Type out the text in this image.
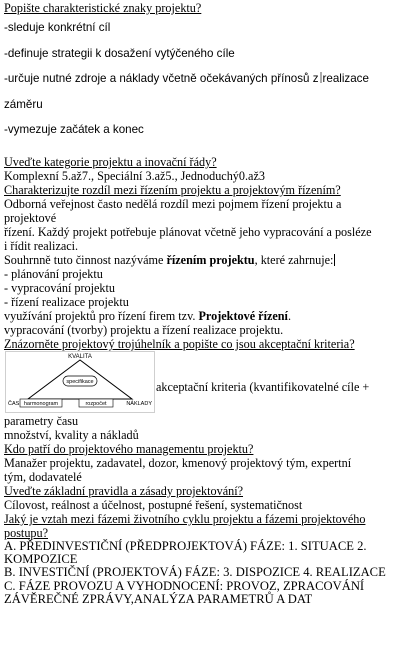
Popište charakteristické znaky projektu?
-sleduje konkrétní cíl
-definuje strategii k dosažení vytýčeného cíle
-určuje nutné zdroje a náklady včetně očekávaných přínosů z realizace
záměru
-vymezuje začátek a konec
Uveďte kategorie projektu a inovační řády?
Komplexní 5.až7., Speciální 3.až5., Jednoduchý0.až3
Charakterizujte rozdíl mezi řízením projektu a projektovým řízením?
Odborná veřejnost často nedělá rozdíl mezi pojmem řízení projektu a
projektové
řízení. Každý projekt potřebuje plánovat včetně jeho vypracování a posléze
i řídit realizaci.
Souhrnně tuto činnost nazýváme řízením projektu, které zahrnuje:
- plánování projektu
- vypracování projektu
- řízení realizace projektu
využívání projektů pro řízení firem tzv. Projektové řízení.
vypracování (tvorby) projektu a řízení realizace projektu.
Znázorněte projektový trojúhelník a popište co jsou akceptační kriteria?
KVALITA
specifikace
ČAS harmonogram	rozpočet	NÁKLADY
akceptační kriteria (kvantifikovatelné cíle +
parametry času
množství, kvality a nákladů
Kdo patří do projektového managementu projektu?
Manažer projektu, zadavatel, dozor, kmenový projektový tým, expertní
tým, dodavatelé
Uveďte základní pravidla a zásady projektování?
Cílovost, reálnost a účelnost, postupné řešení, systematičnost
Jaký je vztah mezi fázemi životního cyklu projektu a fázemi projektového
postupu?
A. PŘEDINVESTIČNÍ (PŘEDPROJEKTOVÁ) FÁZE: 1. SITUACE 2.
KOMPOZICE
B. INVESTIČNÍ (PROJEKTOVÁ) FÁZE: 3. DISPOZICE 4. REALIZACE
C. FÁZE PROVOZU A VYHODNOCENÍ: PROVOZ, ZPRACOVÁNÍ
ZÁVĚREČNÉ ZPRÁVY,ANALÝZA PARAMETRŮ A DAT
